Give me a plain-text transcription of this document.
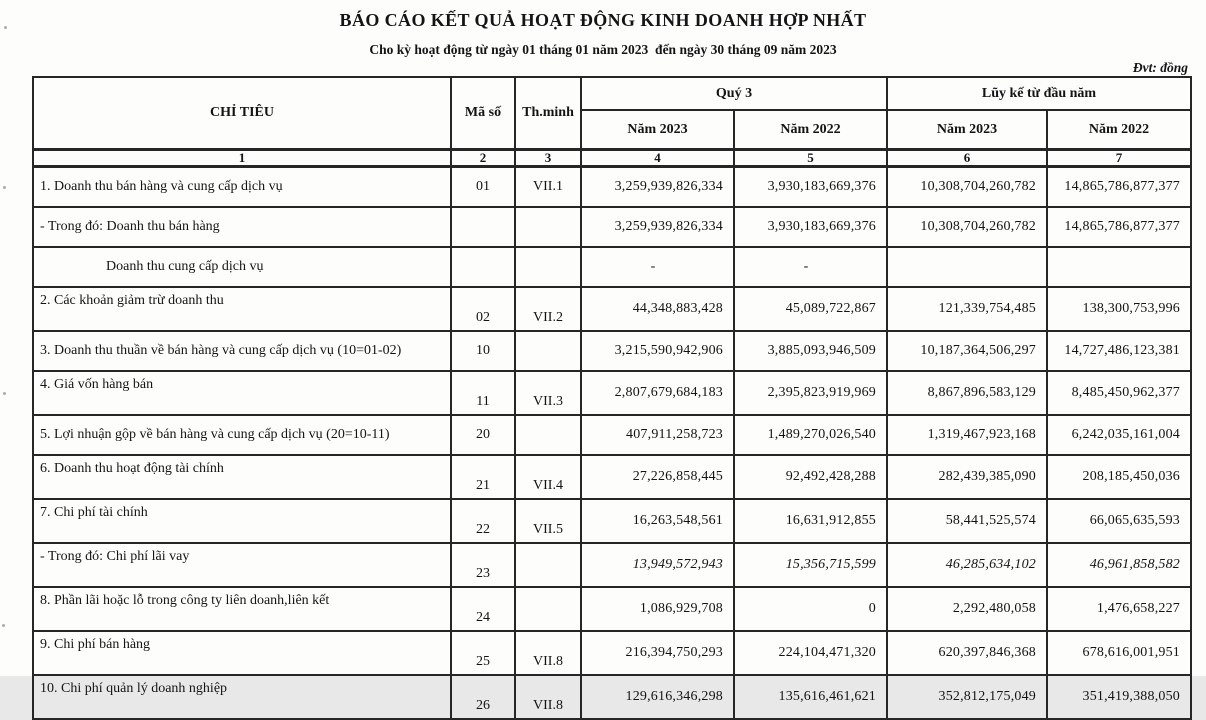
BÁO CÁO KẾT QUẢ HOẠT ĐỘNG KINH DOANH HỢP NHẤT
Cho kỳ hoạt động từ ngày 01 tháng 01 năm 2023  đến ngày 30 tháng 09 năm 2023
Đvt: đồng
CHỈ TIÊU	Mã số	Th.minh	Quý 3		Lũy kế từ đầu năm	
			Năm 2023	Năm 2022	Năm 2023	Năm 2022
1	2	3	4	5	6	7
1. Doanh thu bán hàng và cung cấp dịch vụ	01	VII.1	3,259,939,826,334	3,930,183,669,376	10,308,704,260,782	14,865,786,877,377
- Trong đó: Doanh thu bán hàng			3,259,939,826,334	3,930,183,669,376	10,308,704,260,782	14,865,786,877,377
Doanh thu cung cấp dịch vụ			-	-		
2. Các khoản giảm trừ doanh thu	02	VII.2	44,348,883,428	45,089,722,867	121,339,754,485	138,300,753,996
3. Doanh thu thuần về bán hàng và cung cấp dịch vụ (10=01-02)	10		3,215,590,942,906	3,885,093,946,509	10,187,364,506,297	14,727,486,123,381
4. Giá vốn hàng bán	11	VII.3	2,807,679,684,183	2,395,823,919,969	8,867,896,583,129	8,485,450,962,377
5. Lợi nhuận gộp về bán hàng và cung cấp dịch vụ (20=10-11)	20		407,911,258,723	1,489,270,026,540	1,319,467,923,168	6,242,035,161,004
6. Doanh thu hoạt động tài chính	21	VII.4	27,226,858,445	92,492,428,288	282,439,385,090	208,185,450,036
7. Chi phí tài chính	22	VII.5	16,263,548,561	16,631,912,855	58,441,525,574	66,065,635,593
- Trong đó: Chi phí lãi vay	23		13,949,572,943	15,356,715,599	46,285,634,102	46,961,858,582
8. Phần lãi hoặc lỗ trong công ty liên doanh,liên kết	24		1,086,929,708	0	2,292,480,058	1,476,658,227
9. Chi phí bán hàng	25	VII.8	216,394,750,293	224,104,471,320	620,397,846,368	678,616,001,951
10. Chi phí quản lý doanh nghiệp	26	VII.8	129,616,346,298	135,616,461,621	352,812,175,049	351,419,388,050
